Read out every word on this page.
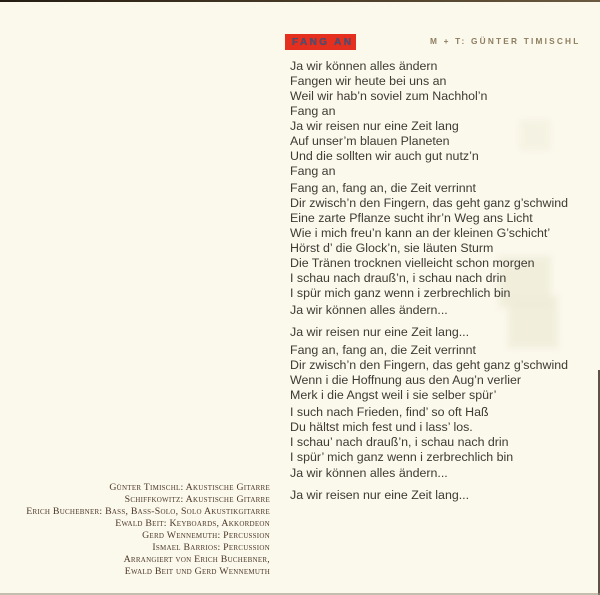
FANG AN	M + T: GÜNTER TIMISCHL
Ja wir können alles ändern
Fangen wir heute bei uns an
Weil wir hab’n soviel zum Nachhol’n
Fang an
Ja wir reisen nur eine Zeit lang
Auf unser’m blauen Planeten
Und die sollten wir auch gut nutz’n
Fang an
Fang an, fang an, die Zeit verrinnt
Dir zwisch’n den Fingern, das geht ganz g’schwind
Eine zarte Pflanze sucht ihr’n Weg ans Licht
Wie i mich freu’n kann an der kleinen G’schicht’
Hörst d’ die Glock’n, sie läuten Sturm
Die Tränen trocknen vielleicht schon morgen
I schau nach drauß’n, i schau nach drin
I spür mich ganz wenn i zerbrechlich bin
Ja wir können alles ändern...
Ja wir reisen nur eine Zeit lang...
Fang an, fang an, die Zeit verrinnt
Dir zwisch’n den Fingern, das geht ganz g’schwind
Wenn i die Hoffnung aus den Aug’n verlier
Merk i die Angst weil i sie selber spür’
I such nach Frieden, find’ so oft Haß
Du hältst mich fest und i lass’ los.
I schau’ nach drauß’n, i schau nach drin
I spür’ mich ganz wenn i zerbrechlich bin
Ja wir können alles ändern...
Ja wir reisen nur eine Zeit lang...
Günter Timischl: Akustische Gitarre
Schiffkowitz: Akustische Gitarre
Erich Buchebner: Bass, Bass-Solo, Solo Akustikgitarre
Ewald Beit: Keyboards, Akkordeon
Gerd Wennemuth: Percussion
Ismael Barrios: Percussion
Arrangiert von Erich Buchebner,
Ewald Beit und Gerd Wennemuth
